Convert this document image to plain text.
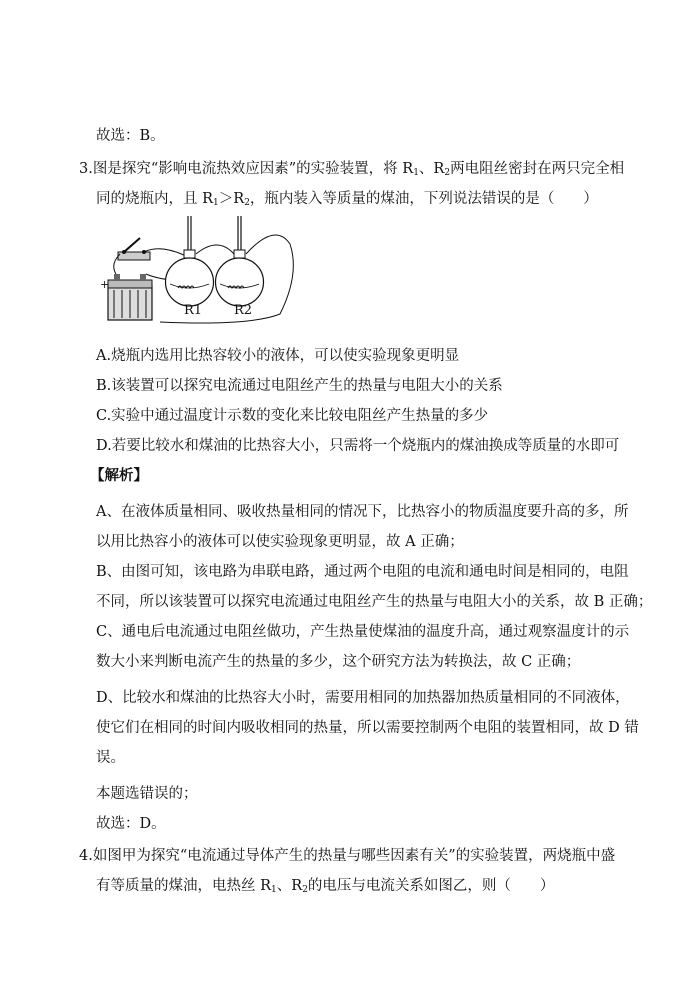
故选：B。
3.图是探究“影响电流热效应因素”的实验装置，将 $R_1$、$R_2$两电阻丝密封在两只完全相
同的烧瓶内，且 $R_1>R_2$，瓶内装入等质量的煤油，下列说法错误的是（　　）
+
R1 R2
A.烧瓶内选用比热容较小的液体，可以使实验现象更明显
B.该装置可以探究电流通过电阻丝产生的热量与电阻大小的关系
C.实验中通过温度计示数的变化来比较电阻丝产生热量的多少
D.若要比较水和煤油的比热容大小，只需将一个烧瓶内的煤油换成等质量的水即可
【解析】
A、在液体质量相同、吸收热量相同的情况下，比热容小的物质温度要升高的多，所
以用比热容小的液体可以使实验现象更明显，故 A 正确；
B、由图可知，该电路为串联电路，通过两个电阻的电流和通电时间是相同的，电阻
不同，所以该装置可以探究电流通过电阻丝产生的热量与电阻大小的关系，故 B 正确；
C、通电后电流通过电阻丝做功，产生热量使煤油的温度升高，通过观察温度计的示
数大小来判断电流产生的热量的多少，这个研究方法为转换法，故 C 正确；
D、比较水和煤油的比热容大小时，需要用相同的加热器加热质量相同的不同液体，
使它们在相同的时间内吸收相同的热量，所以需要控制两个电阻的装置相同，故 D 错
误。
本题选错误的；
故选：D。
4.如图甲为探究“电流通过导体产生的热量与哪些因素有关”的实验装置，两烧瓶中盛
有等质量的煤油，电热丝 $R_1$、$R_2$的电压与电流关系如图乙，则（　　）
